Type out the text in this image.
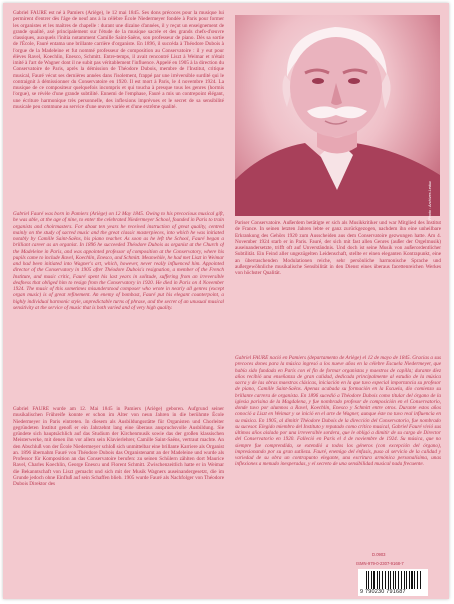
Gabriel FAURÉ est né à Pamiers (Ariège), le 12 mai 1845. Ses dons précoces pour la musique lui permirent d'entrer dès l'âge de neuf ans à la célèbre École Niedermeyer fondée à Paris pour former les organistes et les maîtres de chapelle : durant une dizaine d'années, il y reçut un enseignement de grande qualité, axé principalement sur l'étude de la musique sacrée et des grands chefs-d'œuvre classiques, auxquels l'initia notamment Camille Saint-Saëns, son professeur de piano. Dès sa sortie de l'École, Fauré entama une brillante carrière d'organiste. En 1896, il succéda à Théodore Dubois à l'orgue de la Madeleine et fut nommé professeur de composition au Conservatoire : il y eut pour élèves Ravel, Koechlin, Enesco, Schmitt. Entre-temps, il avait rencontré Liszt à Weimar et n'était imité à l'art de Wagner dont il ne subit pas véritablement l'influence. Appelé en 1905 à la direction du Conservatoire de Paris, après la démission de Théodore Dubois, membre de l'Institut, critique musical, Fauré vécut ses dernières années dans l'isolement, frappé par une irréversible surdité qui le contraignit à démissionner du Conservatoire en 1920. Il est mort à Paris, le 4 novembre 1924. La musique de ce compositeur quelquefois incompris et qui toucha à presque tous les genres (hormis l'orgue), se révèle d'une grande subtilité. Ennemi de l'emphase, Fauré a mis un contrepoint élégant, une écriture harmonique très personnelle, des inflexions imprévues et le secret de sa sensibilité musicale peu commune au service d'une œuvre variée et d'une extrême qualité.

Photo : Archives Leduc

Gabriel Fauré was born in Pamiers (Ariège) on 12 May 1845. Owing to his precocious musical gift, he was able, at the age of nine, to enter the celebrated Niedermeyer School, founded in Paris to train organists and choirmasters. For about ten years he received instruction of great quality, centred mainly on the study of sacred music and the great classic masterpieces, into which he was initiated notably by Camille Saint-Saëns, his piano teacher. As soon as he left the School, Fauré began a brilliant career as an organist. In 1896 he succeeded Théodore Dubois as organist at the Church of the Madeleine in Paris, and was appointed professor of composition at the Conservatory, where his pupils came to include Ravel, Koechlin, Enesco, and Schmitt. Meanwhile, he had met Liszt in Weimar and had been initiated into Wagner's art, which, however, never really influenced him. Appointed director of the Conservatory in 1905 after Théodore Dubois's resignation, a member of the French Institute, and music critic, Fauré spent his last years in solitude, suffering from an irreversible deafness that obliged him to resign from the Conservatory in 1920. He died in Paris on 4 November 1924. The music of this sometimes misunderstood composer who wrote in nearly all genres (except organ music) is of great refinement. An enemy of bombast, Fauré put his elegant counterpoint, a highly individual harmonic style, unpredictable turns of phrase, and the secret of an unusual musical sensitivity at the service of music that is both varied and of very high quality.

Gabriel FAURÉ wurde am 12. Mai 1845 in Pamiers (Ariège) geboren. Aufgrund seiner musikalischen Frühreife konnte er schon im Alter von neun Jahren in die berühmte École Niedermeyer in Paris eintreten. In diesem als Ausbildungsstätte für Organisten und Chorleiter gegründeten Institut genoß er ein Jahrzehnt lang eine überaus anspruchsvolle Ausbildung. Sie gründete sich hauptsächlich auf das Studium der Kirchenmusik sowie das der großen klassischen Meisterwerke, mit denen ihn vor allem sein Klavierlehrer, Camille Saint-Saëns, vertraut machte. An den Abschluß von der École Niedermeyer schloß sich unmittelbar eine brillante Karriere als Organist an. 1896 übernahm Fauré von Théodore Dubois das Organistenamt an der Madeleine und wurde als Professor für Komposition an das Conservatoire berufen: zu seinen Schülern zählten dort Maurice Ravel, Charles Koechlin, George Enescu und Florent Schmitt. Zwischenzeitlich hatte er in Weimar die Bekanntschaft von Liszt gemacht und sich mit der Musik Wagners auseinandergesetzt, die im Grunde jedoch ohne Einfluß auf sein Schaffen blieb. 1905 wurde Fauré als Nachfolger von Théodore Dubois Direktor des

Pariser Conservatoire. Außerdem betätigte er sich als Musikkritiker und war Mitglied des Institut de France. In seinen letzten Jahren lebte er ganz zurückgezogen, nachdem ihn eine unheilbare Erkrankung des Gehörs 1920 zum Ausscheiden aus dem Conservatoire gezwungen hatte. Am 4. November 1924 starb er in Paris. Fauré, der sich mit fast allen Genres (außer der Orgelmusik) auseinandersetzte, trifft oft auf Unverständnis. Und doch ist seine Musik von außerordentlicher Subtilität. Ein Feind aller ungezügelten Leidenschaft, stellte er einen eleganten Kontrapunkt, eine an überraschenden Modulationen reiche, sehr persönliche harmonische Sprache und außergewöhnliche musikalische Sensibilität in den Dienst eines überaus facettenreichen Werkes von höchster Qualität.

Gabriel FAURÉ nació en Pamiers (departamento de Ariège) el 12 de mayo de 1845. Gracias a sus precoces dones para la música ingresó a los nueve años en la célebre Escuela Niedermeyer, que había sido fundada en París con el fin de formar organistas y maestros de capilla; durante diez años recibió una enseñanza de gran calidad, dedicada principalmente al estudio de la música sacra y de las obras maestras clásicas, iniciación en la que tuvo especial importancia su profesor de piano, Camille Saint-Saëns. Apenas acabada su formación en la Escuela, dio comienzo su brillante carrera de organista. En 1896 sucedió a Théodore Dubois como titular del órgano de la iglesia parisina de la Magdalena, y fue nombrado profesor de composición en el Conservatorio, donde tuvo por alumnos a Ravel, Koechlin, Enesco y Schmitt entre otros. Durante estos años conoció a Liszt en Weimar y se inició en el arte de Wagner, aunque éste no tuvo real influencia en su música. En 1905, al dimitir Théodore Dubois de la dirección del Conservatorio, fue nombrado su sucesor. Elegido miembro del Instituto y reputado como crítico musical, Gabriel Fauré vivió sus últimos años aislado por una irreversible sordera, que le obligó a dimitir de su cargo de Director del Conservatorio en 1920. Falleció en París el 4 de noviembre de 1924. Su música, que no siempre fue comprendida, se extendió a todos los géneros (con excepción del órgano), impresionando por su gran sutileza. Fauré, enemigo del énfasis, puso al servicio de la calidad y variedad de su obra un contrapunto elegante, una escritura armónica personalísima, unas inflexiones a menudo inesperadas, y el secreto de una sensibilidad musical nada frecuente.

D.0903
ISMN-979-0-2307-9168-7
9 790230 791687
